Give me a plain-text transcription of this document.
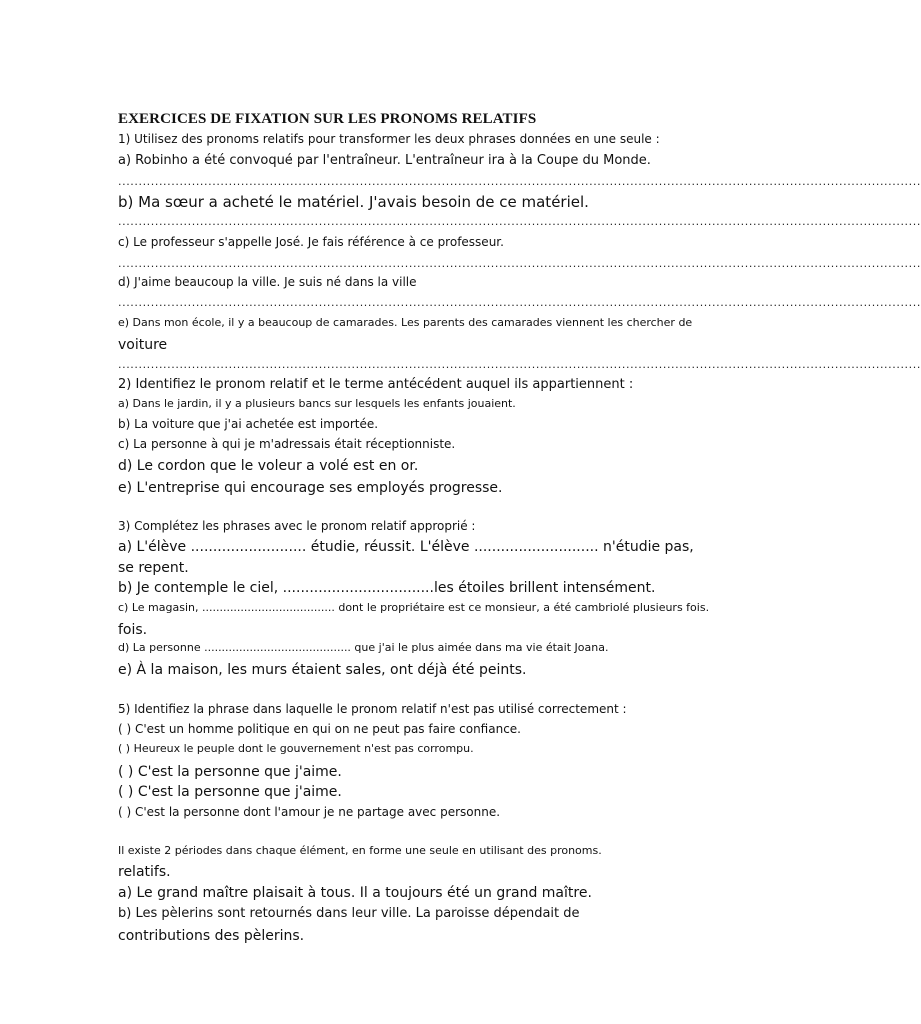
EXERCICES DE FIXATION SUR LES PRONOMS RELATIFS
1) Utilisez des pronoms relatifs pour transformer les deux phrases données en une seule :
a) Robinho a été convoqué par l'entraîneur. L'entraîneur ira à la Coupe du Monde.
....................................................................................................................................................................................................
b) Ma sœur a acheté le matériel. J'avais besoin de ce matériel.
....................................................................................................................................................................................................
c) Le professeur s'appelle José. Je fais référence à ce professeur.
....................................................................................................................................................................................................
d) J'aime beaucoup la ville. Je suis né dans la ville
....................................................................................................................................................................................................
e) Dans mon école, il y a beaucoup de camarades. Les parents des camarades viennent les chercher de
voiture
....................................................................................................................................................................................................
2) Identifiez le pronom relatif et le terme antécédent auquel ils appartiennent :
a) Dans le jardin, il y a plusieurs bancs sur lesquels les enfants jouaient.
b) La voiture que j'ai achetée est importée.
c) La personne à qui je m'adressais était réceptionniste.
d) Le cordon que le voleur a volé est en or.
e) L'entreprise qui encourage ses employés progresse.
3) Complétez les phrases avec le pronom relatif approprié :
a) L'élève .......................... étudie, réussit. L'élève ............................ n'étudie pas,
se repent.
b) Je contemple le ciel, ..................................les étoiles brillent intensément.
c) Le magasin, ...................................... dont le propriétaire est ce monsieur, a été cambriolé plusieurs fois.
fois.
d) La personne .......................................... que j'ai le plus aimée dans ma vie était Joana.
e) À la maison, les murs étaient sales, ont déjà été peints.
5) Identifiez la phrase dans laquelle le pronom relatif n'est pas utilisé correctement :
( ) C'est un homme politique en qui on ne peut pas faire confiance.
( ) Heureux le peuple dont le gouvernement n'est pas corrompu.
( ) C'est la personne que j'aime.
( ) C'est la personne que j'aime.
( ) C'est la personne dont l'amour je ne partage avec personne.
Il existe 2 périodes dans chaque élément, en forme une seule en utilisant des pronoms.
relatifs.
a) Le grand maître plaisait à tous. Il a toujours été un grand maître.
b) Les pèlerins sont retournés dans leur ville. La paroisse dépendait de
contributions des pèlerins.
